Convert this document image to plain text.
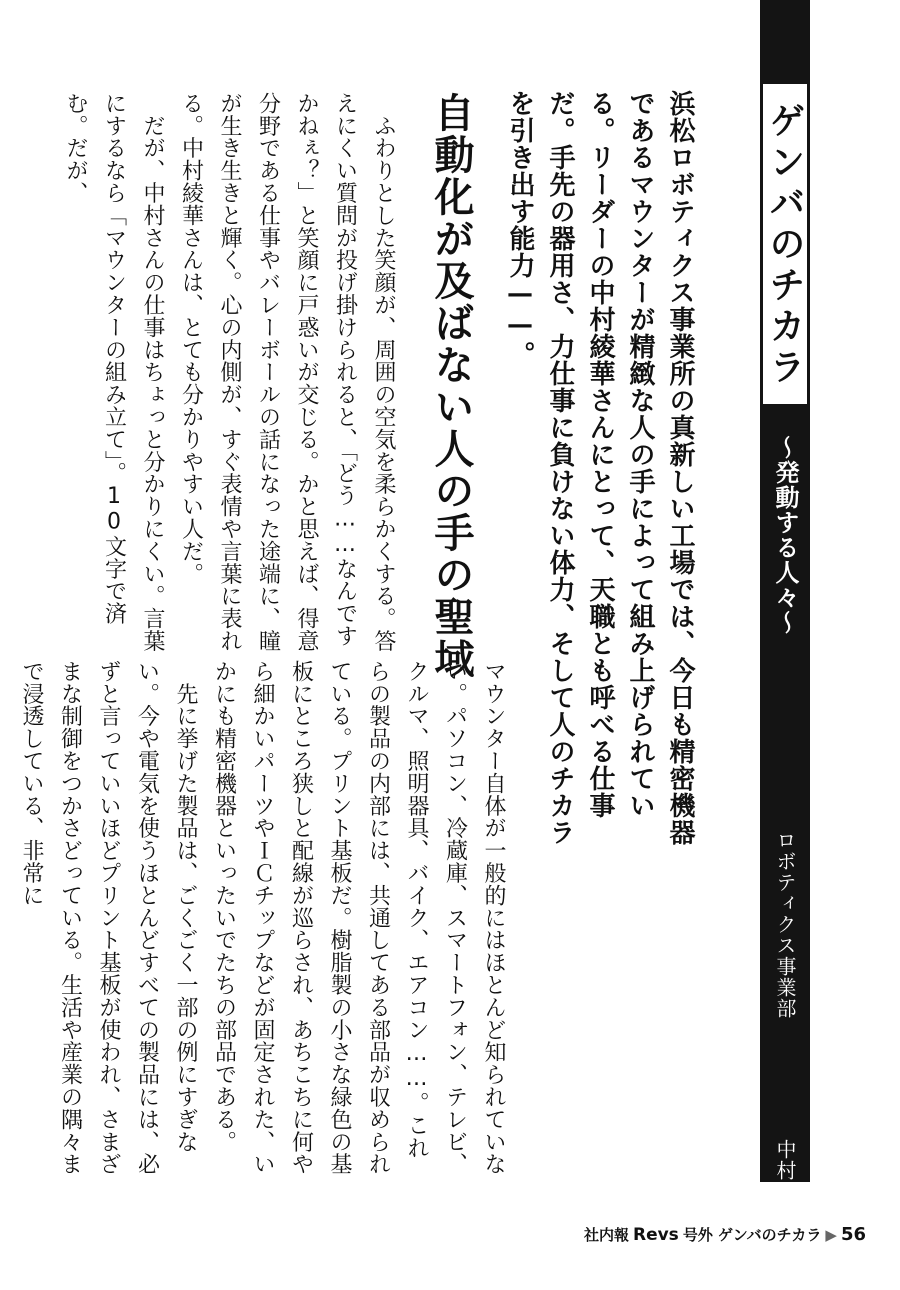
ゲンバのチカラ
〜発動する人々〜
ロボティクス事業部中村 綾華さん
浜松ロボティクス事業所の真新しい工場では、今日も精密機器であるマウンターが精緻な人の手によって組み上げられている。リーダーの中村綾華さんにとって、天職とも呼べる仕事だ。手先の器用さ、力仕事に負けない体力、そして人のチカラを引き出す能力——。
自動化が及ばない人の手の聖域
　ふわりとした笑顔が、周囲の空気を柔らかくする。答えにくい質問が投げ掛けられると、「どう……なんですかねぇ？」と笑顔に戸惑いが交じる。かと思えば、得意分野である仕事やバレーボールの話になった途端に、瞳が生き生きと輝く。心の内側が、すぐ表情や言葉に表れる。中村綾華さんは、とても分かりやすい人だ。
　だが、中村さんの仕事はちょっと分かりにくい。言葉にするなら「マウンターの組み立て」。10文字で済む。だが、
マウンター自体が一般的にはほとんど知られていない。パソコン、冷蔵庫、スマートフォン、テレビ、クルマ、照明器具、バイク、エアコン……。これらの製品の内部には、共通してある部品が収められている。プリント基板だ。樹脂製の小さな緑色の基板にところ狭しと配線が巡らされ、あちこちに何やら細かいパーツやＩＣチップなどが固定された、いかにも精密機器といったいでたちの部品である。
　先に挙げた製品は、ごくごく一部の例にすぎない。今や電気を使うほとんどすべての製品には、必ずと言っていいほどプリント基板が使われ、さまざまな制御をつかさどっている。生活や産業の隅々まで浸透している、非常に
社内報 Revs 号外 ゲンバのチカラ ▶ 56
